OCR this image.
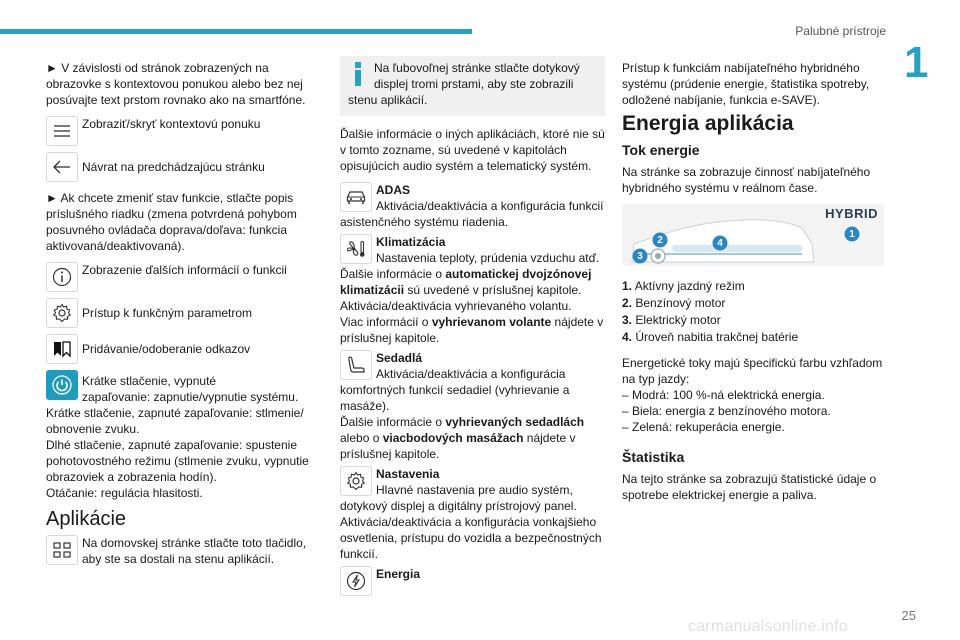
Palubné prístroje
1

► V závislosti od stránok zobrazených na obrazovke s kontextovou ponukou alebo bez nej posúvajte text prstom rovnako ako na smartfóne.

Zobraziť/skryť kontextovú ponuku
Návrat na predchádzajúcu stránku

► Ak chcete zmeniť stav funkcie, stlačte popis príslušného riadku (zmena potvrdená pohybom posuvného ovládača doprava/doľava: funkcia aktivovaná/deaktivovaná).

Zobrazenie ďalších informácií o funkcii
Prístup k funkčným parametrom
Pridávanie/odoberanie odkazov
Krátke stlačenie, vypnuté
zapaľovanie: zapnutie/vypnutie systému.
Krátke stlačenie, zapnuté zapaľovanie: stlmenie/ obnovenie zvuku.
Dlhé stlačenie, zapnuté zapaľovanie: spustenie pohotovostného režimu (stlmenie zvuku, vypnutie obrazoviek a zobrazenia hodín).
Otáčanie: regulácia hlasitosti.
Aplikácie
Na domovskej stránke stlačte toto tlačidlo, aby ste sa dostali na stenu aplikácií.
Na ľubovoľnej stránke stlačte dotykový
displej tromi prstami, aby ste zobrazili
stenu aplikácií.

Ďalšie informácie o iných aplikáciách, ktoré nie sú v tomto zozname, sú uvedené v kapitolách opisujúcich audio systém a telematický systém.

ADAS
Aktivácia/deaktivácia a konfigurácia funkcií asistenčného systému riadenia.
Klimatizácia
Nastavenia teploty, prúdenia vzduchu atď. Ďalšie informácie o automatickej dvojzónovej klimatizácii sú uvedené v príslušnej kapitole.
Aktivácia/deaktivácia vyhrievaného volantu.
Viac informácií o vyhrievanom volante nájdete v príslušnej kapitole.
Sedadlá
Aktivácia/deaktivácia a konfigurácia komfortných funkcií sedadiel (vyhrievanie a masáže).
Ďalšie informácie o vyhrievaných sedadlách alebo o viacbodových masážach nájdete v príslušnej kapitole.
Nastavenia
Hlavné nastavenia pre audio systém, dotykový displej a digitálny prístrojový panel.
Aktivácia/deaktivácia a konfigurácia vonkajšieho osvetlenia, prístupu do vozidla a bezpečnostných funkcií.
Energia

Prístup k funkciám nabíjateľného hybridného systému (prúdenie energie, štatistika spotreby, odložené nabíjanie, funkcia e-SAVE).

Energia aplikácia
Tok energie

Na stránke sa zobrazuje činnosť nabíjateľného hybridného systému v reálnom čase.

HYBRID
3
2	4
1
1. Aktívny jazdný režim
2. Benzínový motor
3. Elektrický motor
4. Úroveň nabitia trakčnej batérie
Energetické toky majú špecifickú farbu vzhľadom na typ jazdy:
– Modrá: 100 %-ná elektrická energia.
– Biela: energia z benzínového motora.
– Zelená: rekuperácia energie.
Štatistika

Na tejto stránke sa zobrazujú štatistické údaje o spotrebe elektrickej energie a paliva.

25
carmanualsonline.info
